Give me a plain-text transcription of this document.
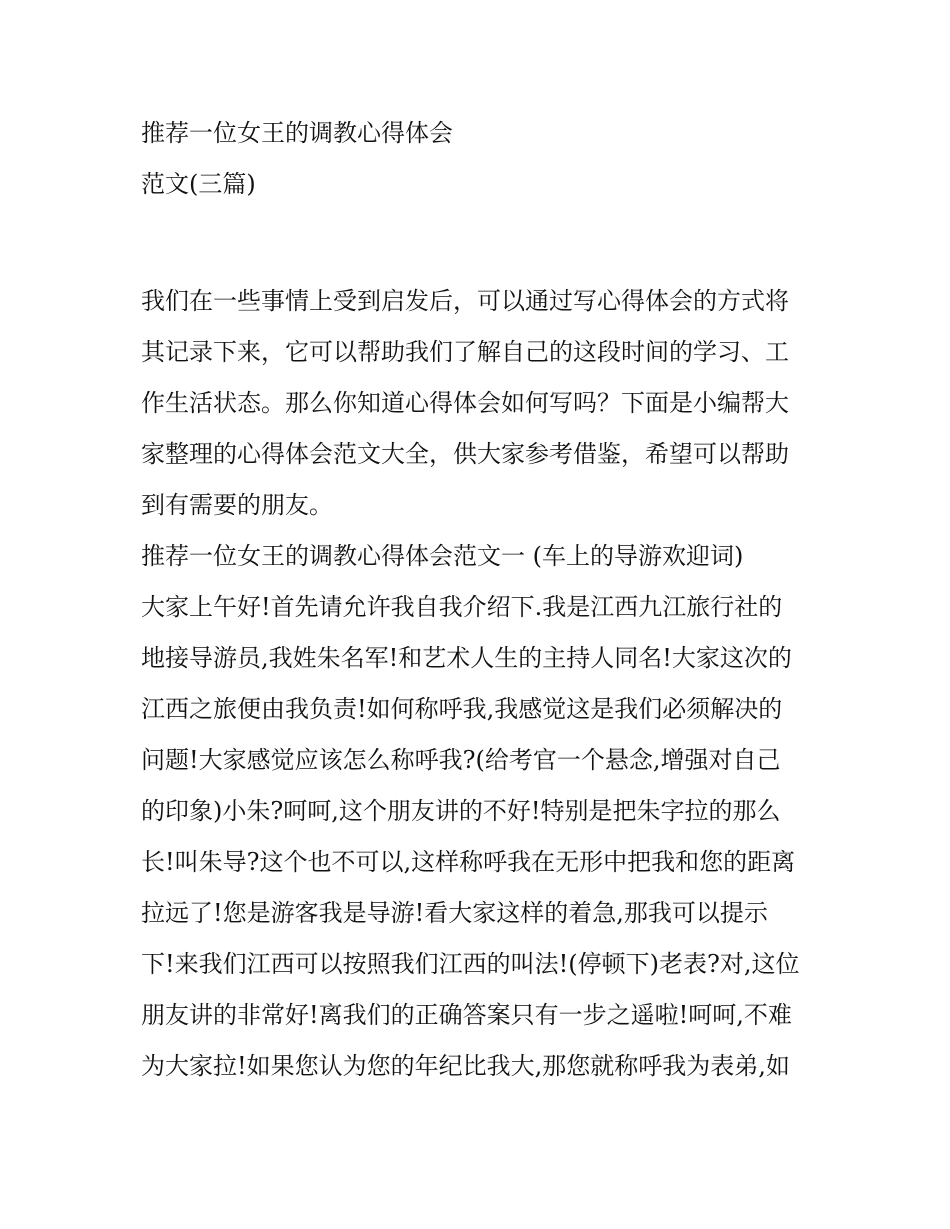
推荐一位女王的调教心得体会
范文(三篇)
我们在一些事情上受到启发后，可以通过写心得体会的方式将
其记录下来，它可以帮助我们了解自己的这段时间的学习、工
作生活状态。那么你知道心得体会如何写吗？下面是小编帮大
家整理的心得体会范文大全，供大家参考借鉴，希望可以帮助
到有需要的朋友。
推荐一位女王的调教心得体会范文一 (车上的导游欢迎词)
大家上午好!首先请允许我自我介绍下.我是江西九江旅行社的
地接导游员,我姓朱名军!和艺术人生的主持人同名!大家这次的
江西之旅便由我负责!如何称呼我,我感觉这是我们必须解决的
问题!大家感觉应该怎么称呼我?(给考官一个悬念,增强对自己
的印象)小朱?呵呵,这个朋友讲的不好!特别是把朱字拉的那么
长!叫朱导?这个也不可以,这样称呼我在无形中把我和您的距离
拉远了!您是游客我是导游!看大家这样的着急,那我可以提示
下!来我们江西可以按照我们江西的叫法!(停顿下)老表?对,这位
朋友讲的非常好!离我们的正确答案只有一步之遥啦!呵呵,不难
为大家拉!如果您认为您的年纪比我大,那您就称呼我为表弟,如
